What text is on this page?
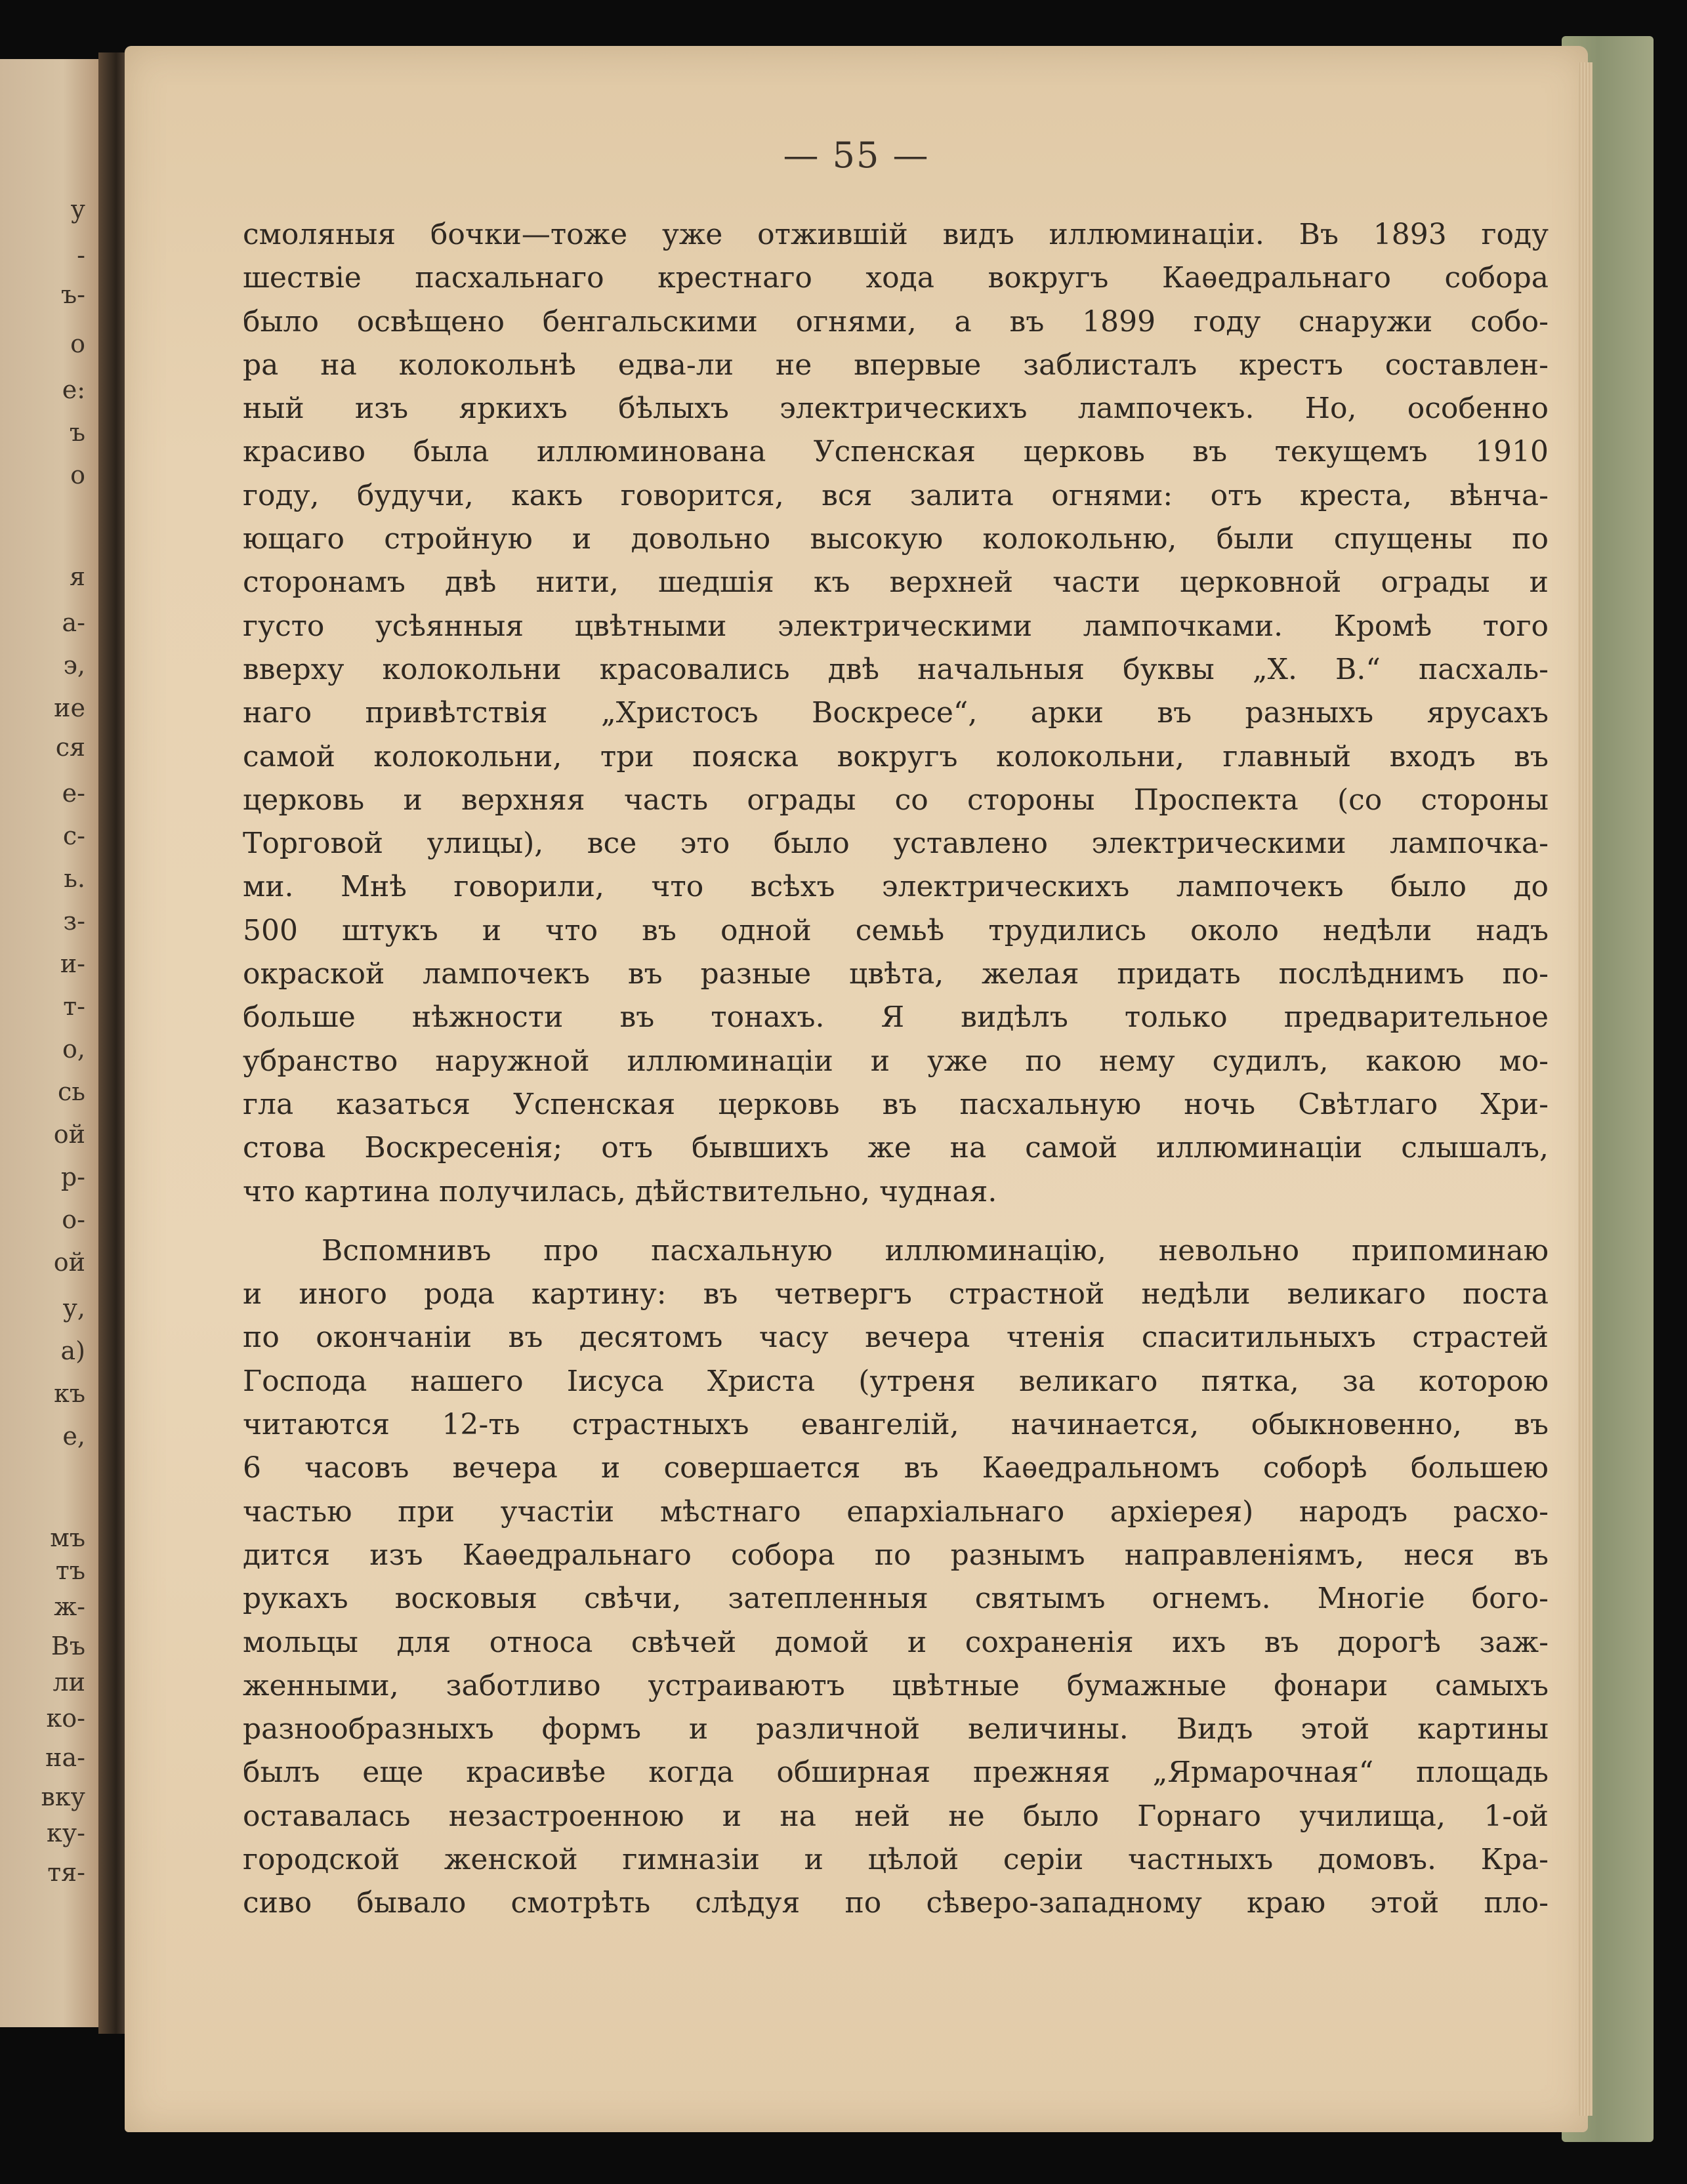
у
-
ъ-
о
е:
ъ
о
я
а-
э,
ие
ся
е-
с-
ь.
з-
и-
т-
о,
сь
ой
р-
о-
ой
у,
а)
къ
е,
мъ
тъ
ж-
Въ
ли
ко-
на-
вку
ку-
тя-
— 55 —
смоляныя бочки—тоже уже отжившій видъ иллюминаціи. Въ 1893 году
шествіе пасхальнаго крестнаго хода вокругъ Каѳедральнаго собора
было освѣщено бенгальскими огнями, а въ 1899 году снаружи собо-
ра на колокольнѣ едва-ли не впервые заблисталъ крестъ составлен-
ный изъ яркихъ бѣлыхъ электрическихъ лампочекъ. Но, особенно
красиво была иллюминована Успенская церковь въ текущемъ 1910
году, будучи, какъ говорится, вся залита огнями: отъ креста, вѣнча-
ющаго стройную и довольно высокую колокольню, были спущены по
сторонамъ двѣ нити, шедшія къ верхней части церковной ограды и
густо усѣянныя цвѣтными электрическими лампочками. Кромѣ того
вверху колокольни красовались двѣ начальныя буквы „Х. В.“ пасхаль-
наго привѣтствія „Христосъ Воскресе“, арки въ разныхъ ярусахъ
самой колокольни, три пояска вокругъ колокольни, главный входъ въ
церковь и верхняя часть ограды со стороны Проспекта (со стороны
Торговой улицы), все это было уставлено электрическими лампочка-
ми. Мнѣ говорили, что всѣхъ электрическихъ лампочекъ было до
500 штукъ и что въ одной семьѣ трудились около недѣли надъ
окраской лампочекъ въ разные цвѣта, желая придать послѣднимъ по-
больше нѣжности въ тонахъ. Я видѣлъ только предварительное
убранство наружной иллюминаціи и уже по нему судилъ, какою мо-
гла казаться Успенская церковь въ пасхальную ночь Свѣтлаго Хри-
стова Воскресенія; отъ бывшихъ же на самой иллюминаціи слышалъ,
что картина получилась, дѣйствительно, чудная.
Вспомнивъ про пасхальную иллюминацію, невольно припоминаю
и иного рода картину: въ четвергъ страстной недѣли великаго поста
по окончаніи въ десятомъ часу вечера чтенія спаситильныхъ страстей
Господа нашего Іисуса Христа (утреня великаго пятка, за которою
читаются 12-ть страстныхъ евангелій, начинается, обыкновенно, въ
6 часовъ вечера и совершается въ Каѳедральномъ соборѣ большею
частью при участіи мѣстнаго епархіальнаго архіерея) народъ расхо-
дится изъ Каѳедральнаго собора по разнымъ направленіямъ, неся въ
рукахъ восковыя свѣчи, затепленныя святымъ огнемъ. Многіе бого-
мольцы для относа свѣчей домой и сохраненія ихъ въ дорогѣ заж-
женными, заботливо устраиваютъ цвѣтные бумажные фонари самыхъ
разнообразныхъ формъ и различной величины. Видъ этой картины
былъ еще красивѣе когда обширная прежняя „Ярмарочная“ площадь
оставалась незастроенною и на ней не было Горнаго училища, 1-ой
городской женской гимназіи и цѣлой серіи частныхъ домовъ. Кра-
сиво бывало смотрѣть слѣдуя по сѣверо-западному краю этой пло-
